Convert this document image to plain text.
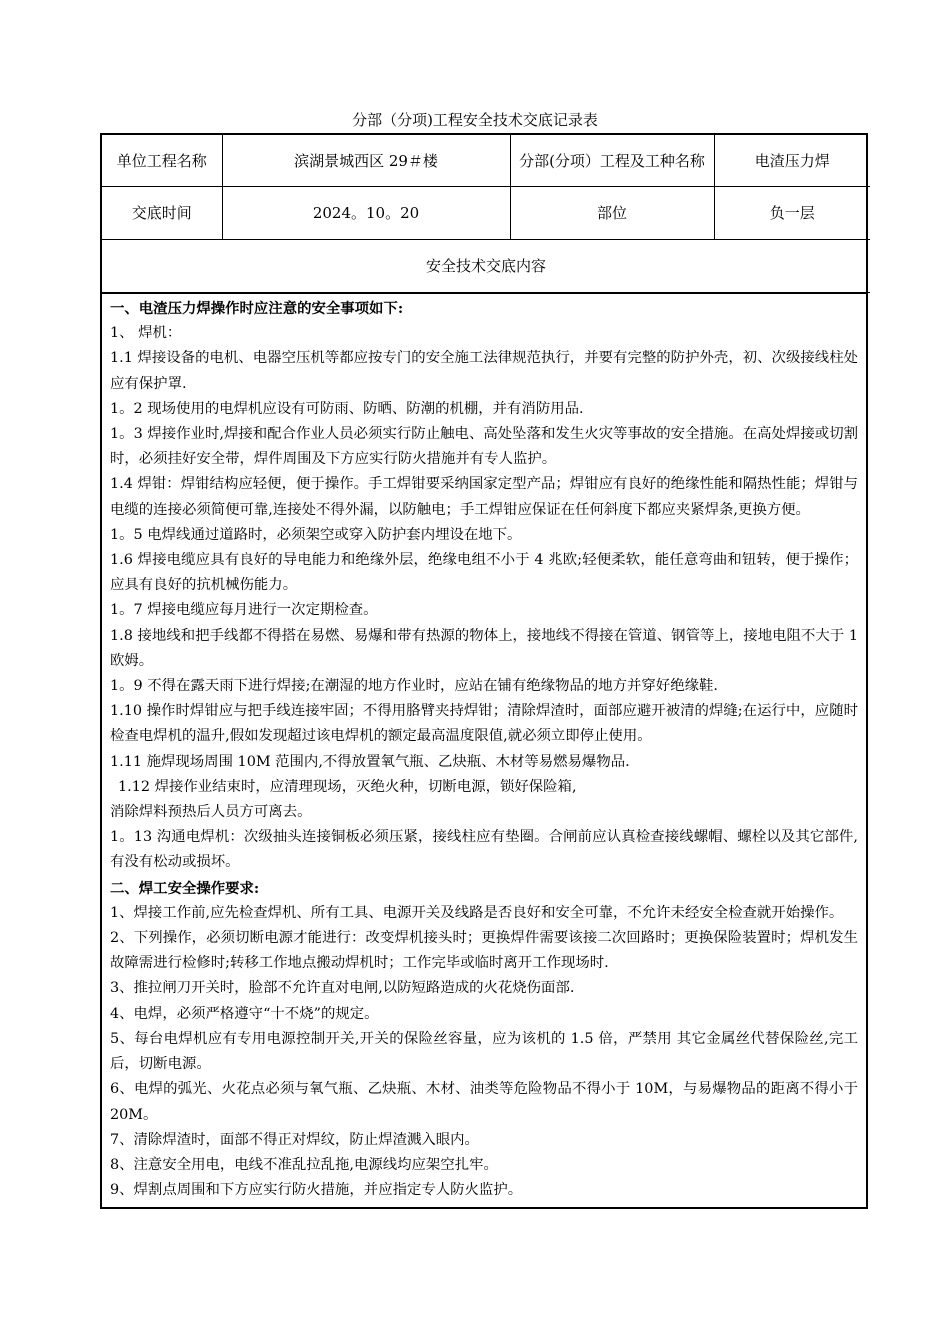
分部（分项)工程安全技术交底记录表
单位工程名称	滨湖景城西区 29＃楼	分部(分项）工程及工种名称	电渣压力焊
交底时间	2024。10。20	部位	负一层
安全技术交底内容			

一、电渣压力焊操作时应注意的安全事项如下:

1、 焊机：

1.1 焊接设备的电机、电器空压机等都应按专门的安全施工法律规范执行，并要有完整的防护外壳，初、次级接线柱处应有保护罩.

1。2 现场使用的电焊机应设有可防雨、防晒、防潮的机棚，并有消防用品.

1。3 焊接作业时,焊接和配合作业人员必须实行防止触电、高处坠落和发生火灾等事故的安全措施。在高处焊接或切割时，必须挂好安全带，焊件周围及下方应实行防火措施并有专人监护。

1.4 焊钳：焊钳结构应轻便，便于操作。手工焊钳要采纳国家定型产品；焊钳应有良好的绝缘性能和隔热性能；焊钳与电缆的连接必须简便可靠,连接处不得外漏，以防触电；手工焊钳应保证在任何斜度下都应夹紧焊条,更换方便。

1。5 电焊线通过道路时，必须架空或穿入防护套内埋设在地下。

1.6 焊接电缆应具有良好的导电能力和绝缘外层，绝缘电组不小于 4 兆欧;轻便柔软，能任意弯曲和钮转，便于操作；应具有良好的抗机械伤能力。

1。7 焊接电缆应每月进行一次定期检查。

1.8 接地线和把手线都不得搭在易燃、易爆和带有热源的物体上，接地线不得接在管道、钢管等上，接地电阻不大于 1 欧姆。

1。9 不得在露天雨下进行焊接;在潮湿的地方作业时，应站在铺有绝缘物品的地方并穿好绝缘鞋.

1.10 操作时焊钳应与把手线连接牢固；不得用胳臂夹持焊钳；清除焊渣时，面部应避开被清的焊缝;在运行中，应随时检查电焊机的温升,假如发现超过该电焊机的额定最高温度限值,就必须立即停止使用。

1.11 施焊现场周围 10M 范围内,不得放置氧气瓶、乙炔瓶、木材等易燃易爆物品.

1.12 焊接作业结束时，应清理现场，灭绝火种，切断电源，锁好保险箱,

消除焊料预热后人员方可离去。

1。13 沟通电焊机：次级抽头连接铜板必须压紧，接线柱应有垫圈。合闸前应认真检查接线螺帽、螺栓以及其它部件,有没有松动或损坏。

二、焊工安全操作要求:

1、焊接工作前,应先检查焊机、所有工具、电源开关及线路是否良好和安全可靠，不允许未经安全检查就开始操作。

2、下列操作，必须切断电源才能进行：改变焊机接头时；更换焊件需要该接二次回路时；更换保险装置时；焊机发生故障需进行检修时;转移工作地点搬动焊机时；工作完毕或临时离开工作现场时.

3、推拉闸刀开关时，脸部不允许直对电闸,以防短路造成的火花烧伤面部.

4、电焊，必须严格遵守“十不烧”的规定。

5、每台电焊机应有专用电源控制开关,开关的保险丝容量，应为该机的 1.5 倍，严禁用 其它金属丝代替保险丝,完工后，切断电源。

6、电焊的弧光、火花点必须与氧气瓶、乙炔瓶、木材、油类等危险物品不得小于 10M，与易爆物品的距离不得小于 20M。

7、清除焊渣时，面部不得正对焊纹，防止焊渣溅入眼内。

8、注意安全用电，电线不准乱拉乱拖,电源线均应架空扎牢。

9、焊割点周围和下方应实行防火措施，并应指定专人防火监护。
